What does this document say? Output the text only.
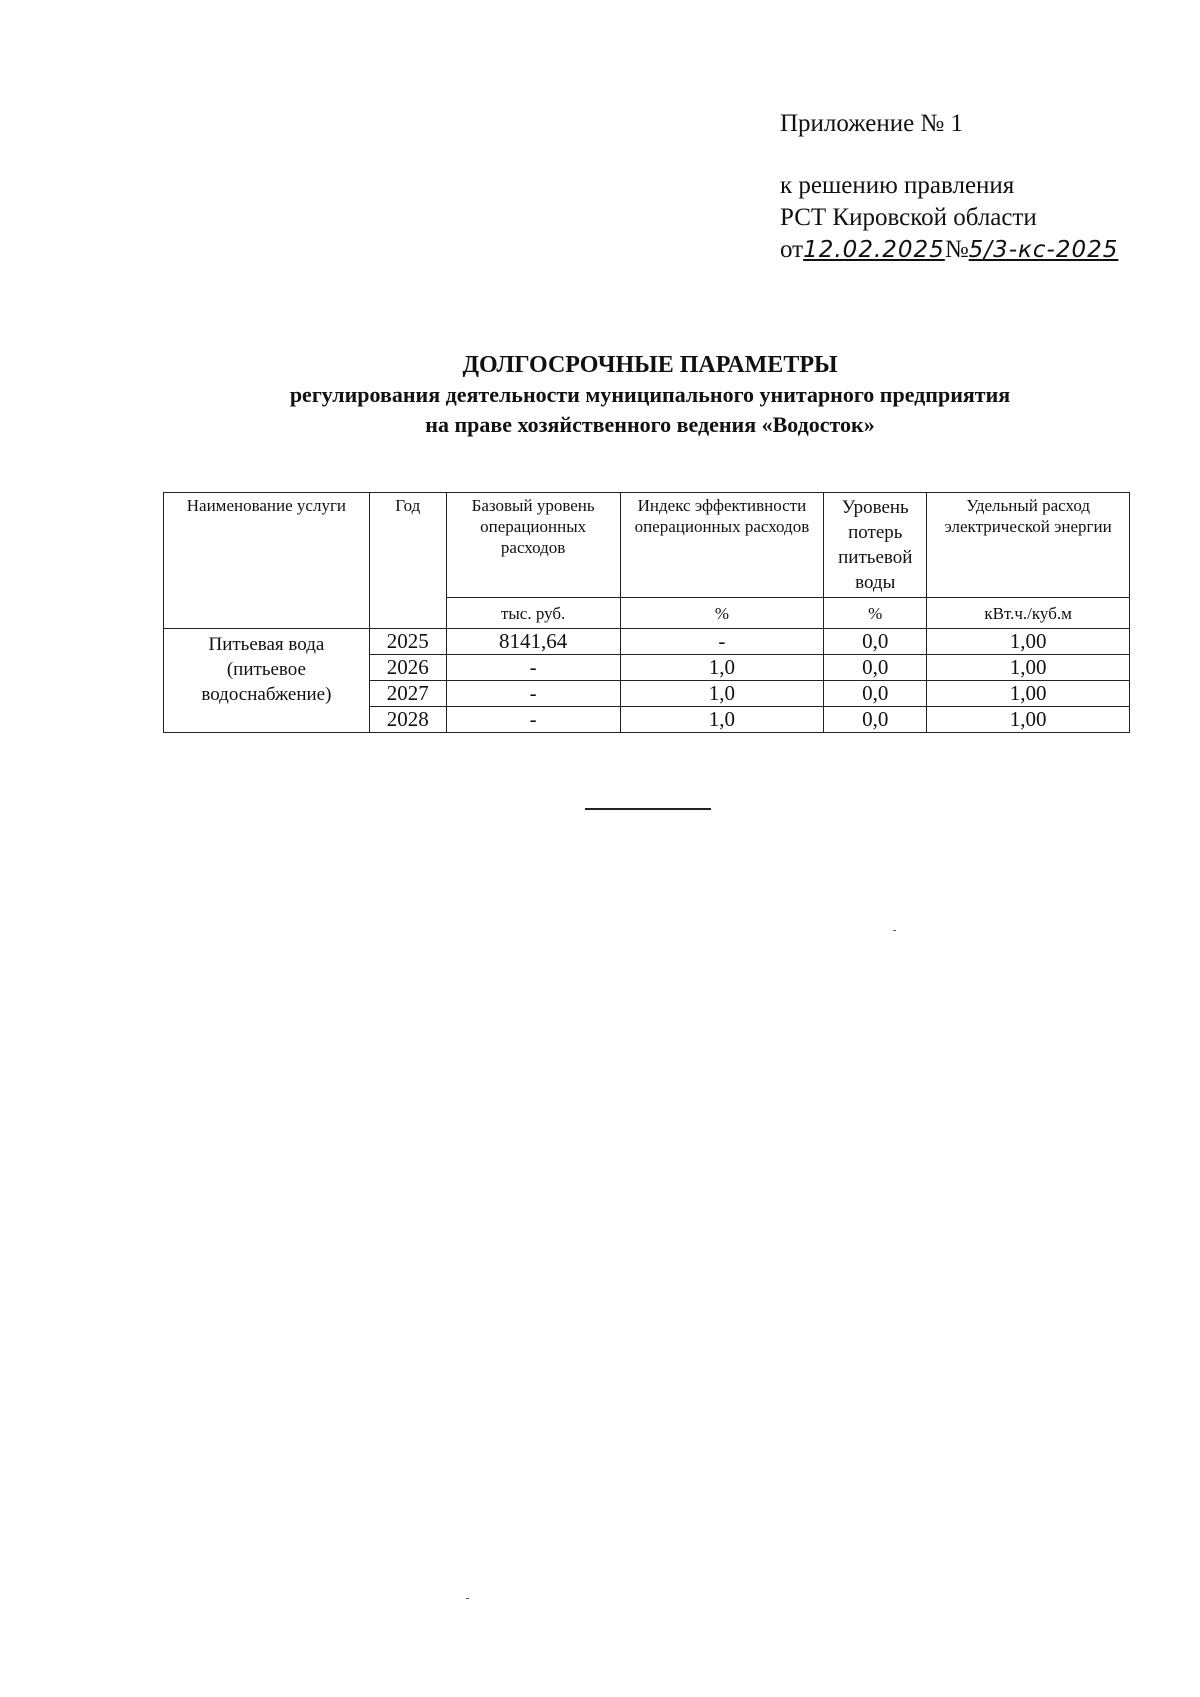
Приложение № 1
к решению правления
РСТ Кировской области
от12.02.2025№5/3-кс-2025
ДОЛГОСРОЧНЫЕ ПАРАМЕТРЫ
регулирования деятельности муниципального унитарного предприятия
на праве хозяйственного ведения «Водосток»
Наименование услуги	Год	Базовый уровень операционных расходов	Индекс эффективности операционных расходов	Уровень потерь питьевой воды	Удельный расход электрической энергии
		тыс. руб.	%	%	кВт.ч./куб.м
Питьевая вода (питьевое водоснабжение)	2025	8141,64	-	0,0	1,00
	2026	-	1,0	0,0	1,00
	2027	-	1,0	0,0	1,00
	2028	-	1,0	0,0	1,00
